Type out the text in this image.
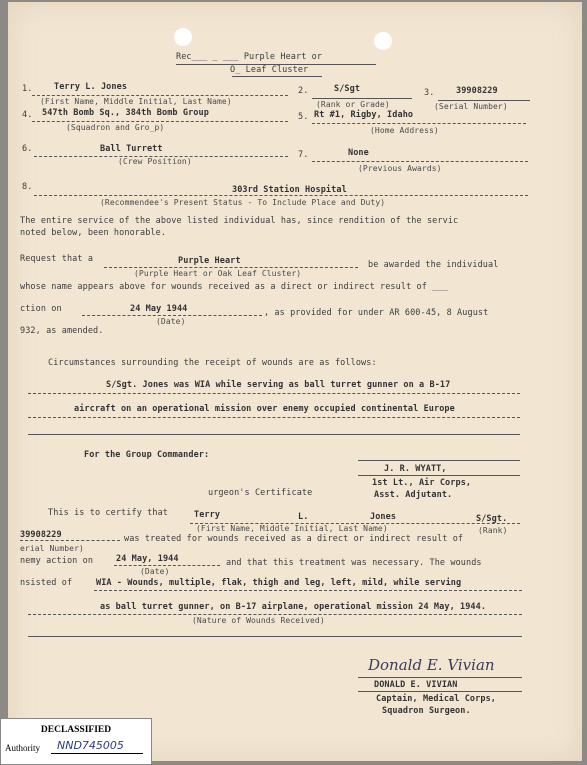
Rec___ _ ___ Purple Heart or
O_ Leaf Cluster
1.	Terry L. Jones
(First Name, Middle Initial, Last Name)
2.	S/Sgt
(Rank or Grade)
3.	39908229
(Serial Number)
4. 547th Bomb Sq., 384th Bomb Group
(Squadron and Gro_p)
5. Rt #1, Rigby, Idaho
(Home Address)
6.	Ball Turrett
(Crew Position)
7.	None
(Previous Awards)
8.	303rd Station Hospital
(Recommendee's Present Status - To Include Place and Duty)
The entire service of the above listed individual has, since rendition of the servic
noted below, been honorable.
Request that a	Purple Heart	be awarded the individual
(Purple Heart or Oak Leaf Cluster)
whose name appears above for wounds received as a direct or indirect result of ___
ction on	24 May 1944	, as provided for under AR 600-45, 8 August
(Date)
932, as amended.
Circumstances surrounding the receipt of wounds are as follows:
S/Sgt. Jones was WIA while serving as ball turret gunner on a B-17
aircraft on an operational mission over enemy occupied continental Europe
For the Group Commander:
J. R. WYATT,
1st Lt., Air Corps,
Asst. Adjutant.
urgeon's Certificate
This is to certify that	Terry	L.	Jones	S/Sgt.
(First Name, Middle Initial, Last Name)	(Rank)
39908229	was treated for wounds received as a direct or indirect result of
erial Number)
nemy action on	24 May, 1944	and that this treatment was necessary. The wounds
(Date)
nsisted of	WIA - Wounds, multiple, flak, thigh and leg, left, mild, while serving
as ball turret gunner, on B-17 airplane, operational mission 24 May, 1944.
(Nature of Wounds Received)
Donald E. Vivian
DONALD E. VIVIAN
Captain, Medical Corps,
Squadron Surgeon.
DECLASSIFIED
Authority NND745005
